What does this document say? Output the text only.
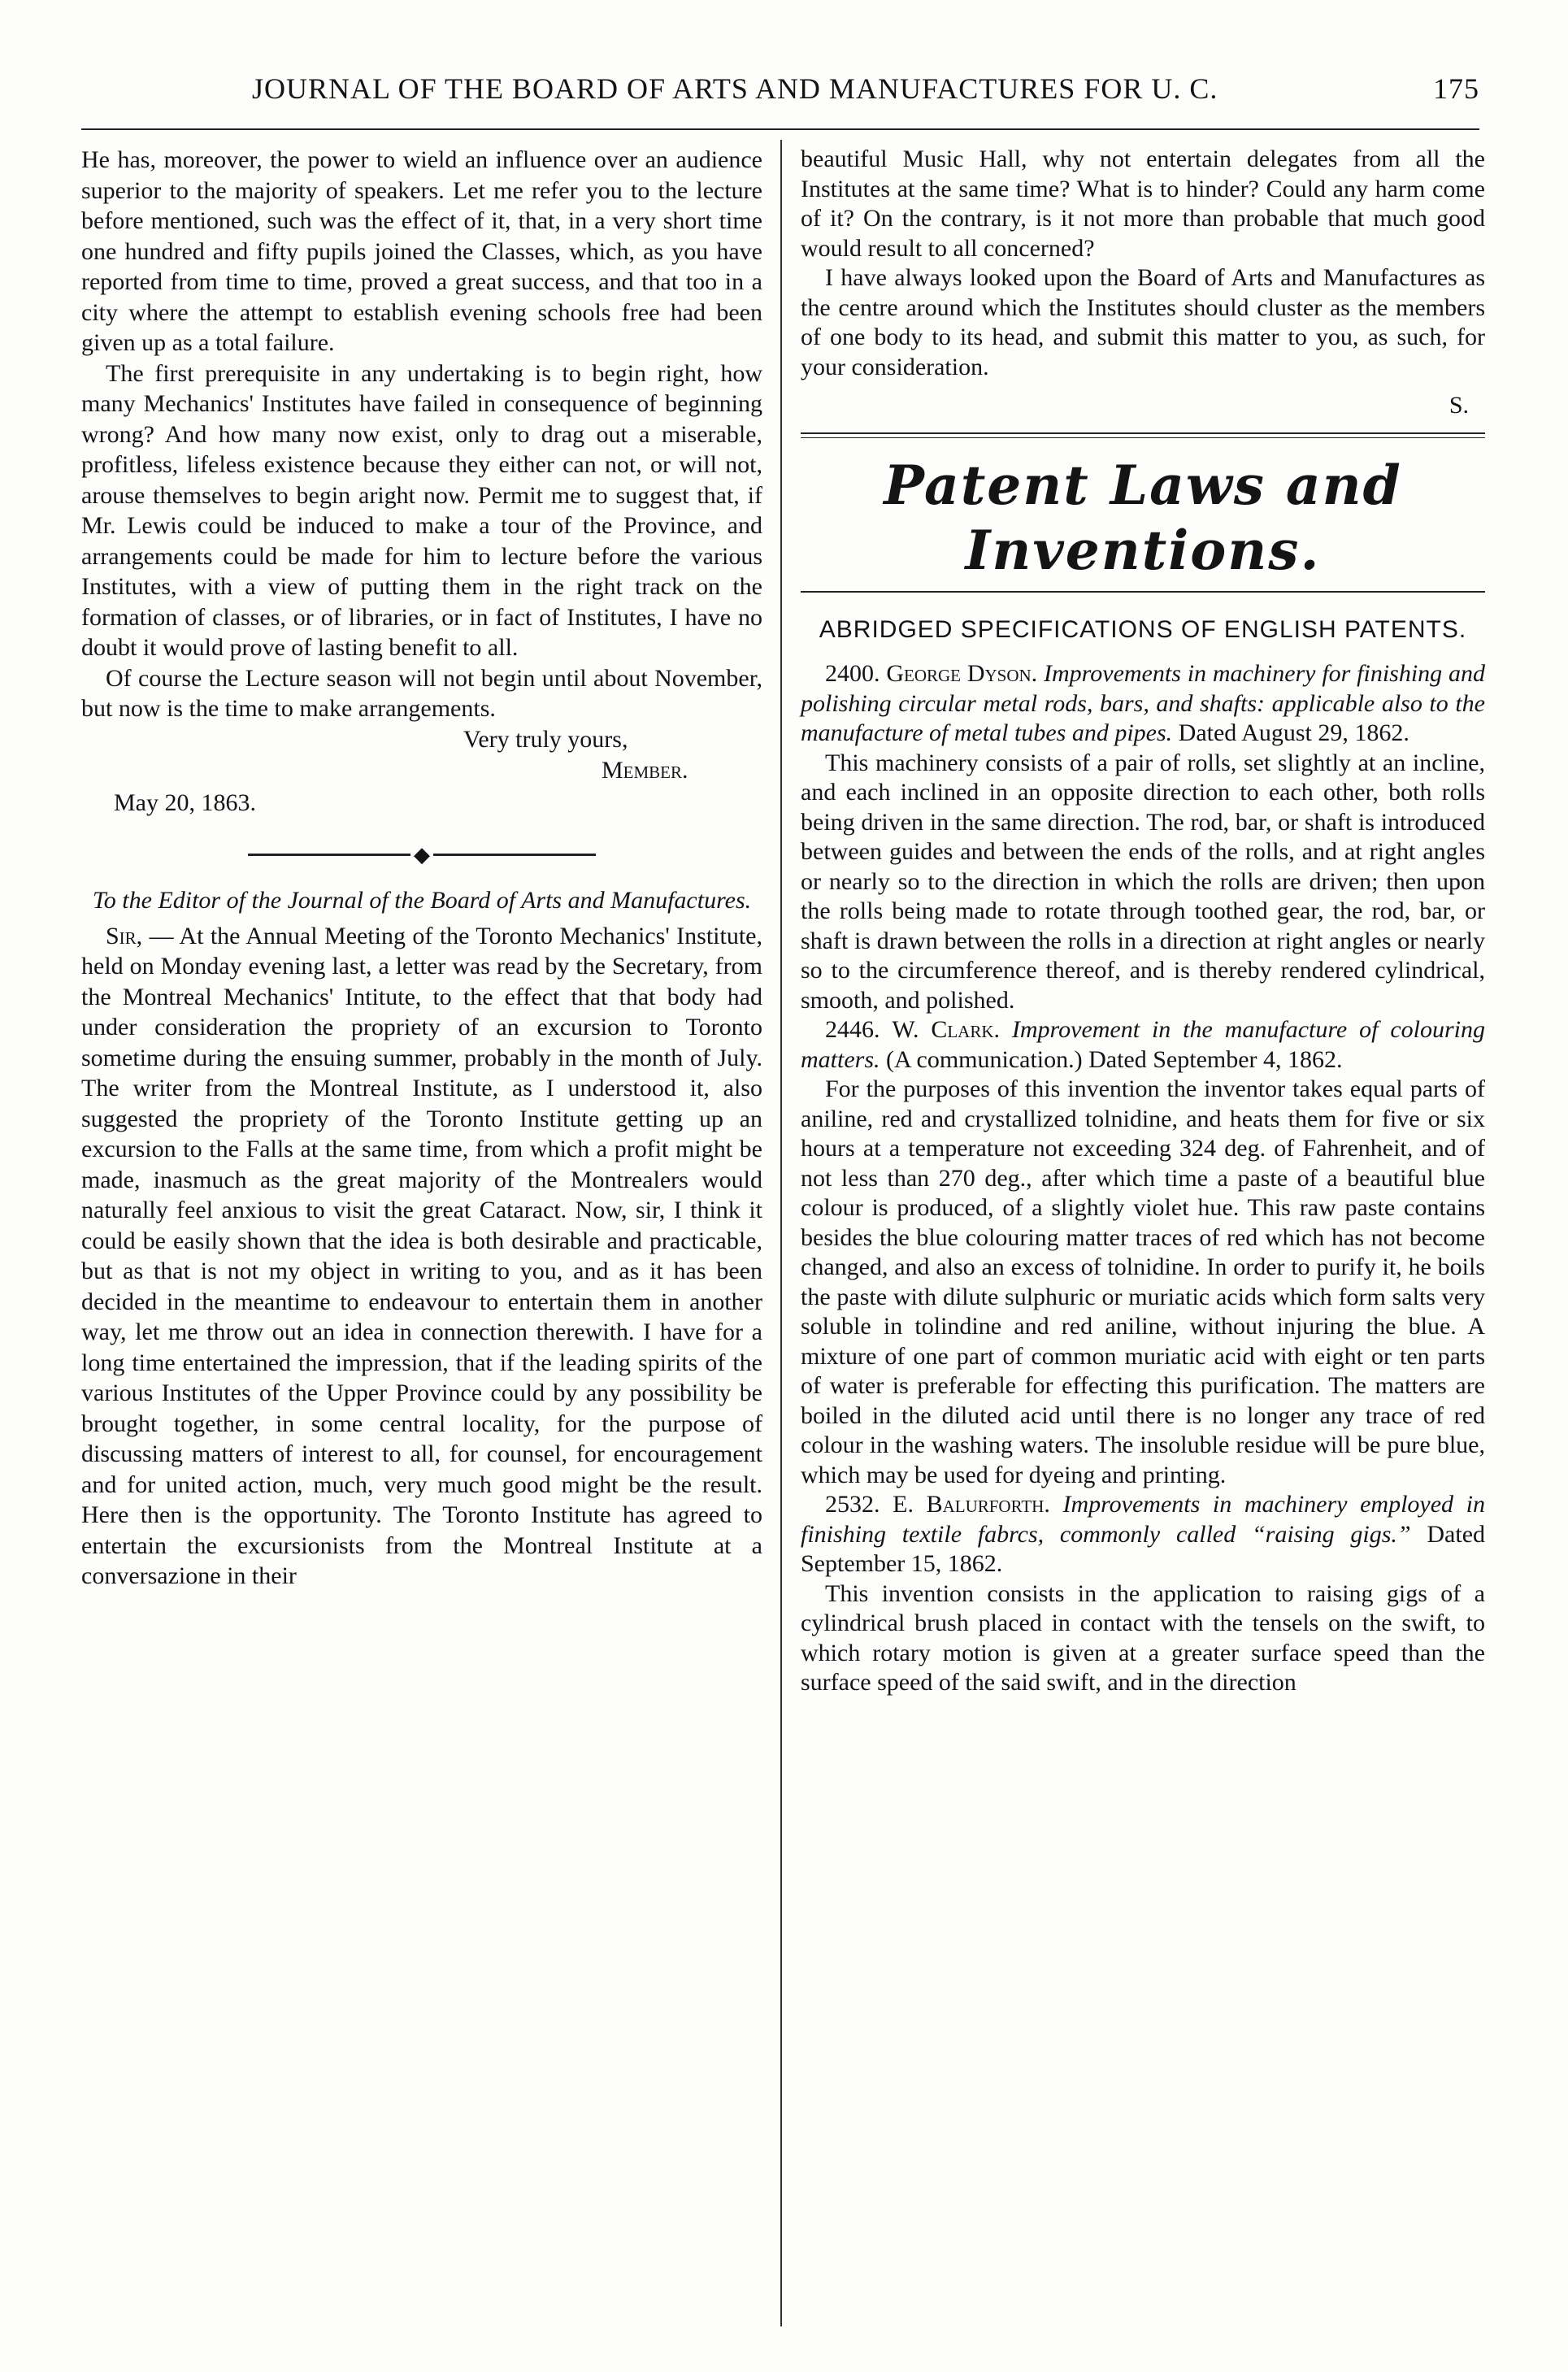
JOURNAL OF THE BOARD OF ARTS AND MANUFACTURES FOR U. C.	175

He has, moreover, the power to wield an influence over an audience superior to the majority of speakers. Let me refer you to the lecture before mentioned, such was the effect of it, that, in a very short time one hundred and fifty pupils joined the Classes, which, as you have reported from time to time, proved a great success, and that too in a city where the attempt to establish evening schools free had been given up as a total failure.

The first prerequisite in any undertaking is to begin right, how many Mechanics' Institutes have failed in consequence of beginning wrong? And how many now exist, only to drag out a miserable, profitless, lifeless existence because they either can not, or will not, arouse themselves to begin aright now. Permit me to suggest that, if Mr. Lewis could be induced to make a tour of the Province, and arrangements could be made for him to lecture before the various Institutes, with a view of putting them in the right track on the formation of classes, or of libraries, or in fact of Institutes, I have no doubt it would prove of lasting benefit to all.

Of course the Lecture season will not begin until about November, but now is the time to make arrangements.

Very truly yours,
Member.
May 20, 1863.
◆
To the Editor of the Journal of the Board of Arts and Manufactures.

Sir, — At the Annual Meeting of the Toronto Mechanics' Institute, held on Monday evening last, a letter was read by the Secretary, from the Montreal Mechanics' Intitute, to the effect that that body had under consideration the propriety of an excursion to Toronto sometime during the ensuing summer, probably in the month of July. The writer from the Montreal Institute, as I understood it, also suggested the propriety of the Toronto Institute getting up an excursion to the Falls at the same time, from which a profit might be made, inasmuch as the great majority of the Montrealers would naturally feel anxious to visit the great Cataract. Now, sir, I think it could be easily shown that the idea is both desirable and practicable, but as that is not my object in writing to you, and as it has been decided in the meantime to endeavour to entertain them in another way, let me throw out an idea in connection therewith. I have for a long time entertained the impression, that if the leading spirits of the various Institutes of the Upper Province could by any possibility be brought together, in some central locality, for the purpose of discussing matters of interest to all, for counsel, for encouragement and for united action, much, very much good might be the result. Here then is the opportunity. The Toronto Institute has agreed to entertain the excursionists from the Montreal Institute at a conversazione in their

beautiful Music Hall, why not entertain delegates from all the Institutes at the same time? What is to hinder? Could any harm come of it? On the contrary, is it not more than probable that much good would result to all concerned?

I have always looked upon the Board of Arts and Manufactures as the centre around which the Institutes should cluster as the members of one body to its head, and submit this matter to you, as such, for your consideration.

S.
Patent Laws and Inventions.
ABRIDGED SPECIFICATIONS OF ENGLISH PATENTS.

2400. George Dyson. Improvements in machinery for finishing and polishing circular metal rods, bars, and shafts: applicable also to the manufacture of metal tubes and pipes. Dated August 29, 1862.

This machinery consists of a pair of rolls, set slightly at an incline, and each inclined in an opposite direction to each other, both rolls being driven in the same direction. The rod, bar, or shaft is introduced between guides and between the ends of the rolls, and at right angles or nearly so to the direction in which the rolls are driven; then upon the rolls being made to rotate through toothed gear, the rod, bar, or shaft is drawn between the rolls in a direction at right angles or nearly so to the circumference thereof, and is thereby rendered cylindrical, smooth, and polished.

2446. W. Clark. Improvement in the manufacture of colouring matters. (A communication.) Dated September 4, 1862.

For the purposes of this invention the inventor takes equal parts of aniline, red and crystallized tolnidine, and heats them for five or six hours at a temperature not exceeding 324 deg. of Fahrenheit, and of not less than 270 deg., after which time a paste of a beautiful blue colour is produced, of a slightly violet hue. This raw paste contains besides the blue colouring matter traces of red which has not become changed, and also an excess of tolnidine. In order to purify it, he boils the paste with dilute sulphuric or muriatic acids which form salts very soluble in tolindine and red aniline, without injuring the blue. A mixture of one part of common muriatic acid with eight or ten parts of water is preferable for effecting this purification. The matters are boiled in the diluted acid until there is no longer any trace of red colour in the washing waters. The insoluble residue will be pure blue, which may be used for dyeing and printing.

2532. E. Balurforth. Improvements in machinery employed in finishing textile fabrcs, commonly called “raising gigs.” Dated September 15, 1862.

This invention consists in the application to raising gigs of a cylindrical brush placed in contact with the tensels on the swift, to which rotary motion is given at a greater surface speed than the surface speed of the said swift, and in the direction
